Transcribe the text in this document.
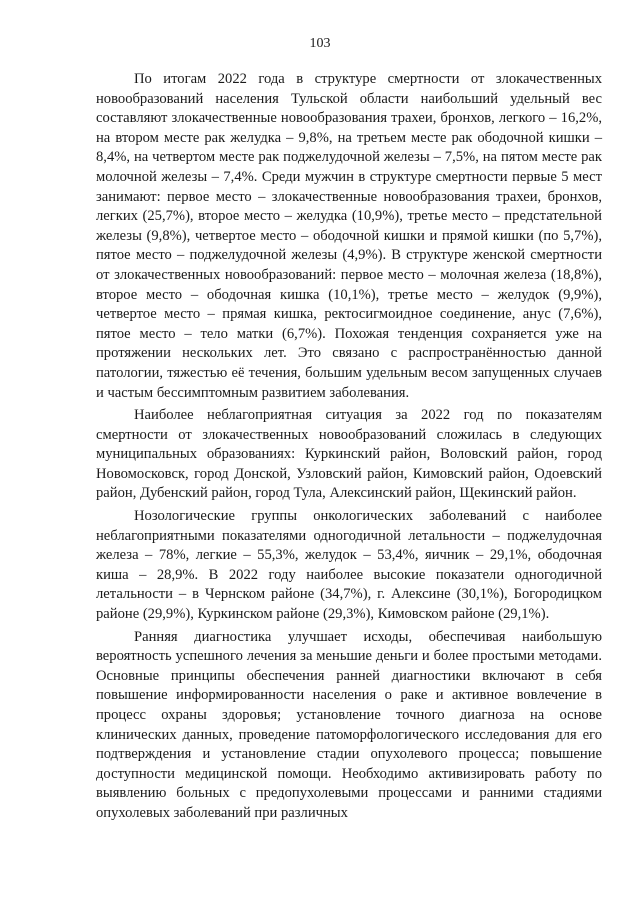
103

По итогам 2022 года в структуре смертности от злокачественных новообразований населения Тульской области наибольший удельный вес составляют злокачественные новообразования трахеи, бронхов, легкого – 16,2%, на втором месте рак желудка – 9,8%, на третьем месте рак ободочной кишки – 8,4%, на четвертом месте рак поджелудочной железы – 7,5%, на пятом месте рак молочной железы – 7,4%. Среди мужчин в структуре смертности первые 5 мест занимают: первое место – злокачественные новообразования трахеи, бронхов, легких (25,7%), второе место – желудка (10,9%), третье место – предстательной железы (9,8%), четвертое место – ободочной кишки и прямой кишки (по 5,7%), пятое место – поджелудочной железы (4,9%). В структуре женской смертности от злокачественных новообразований: первое место – молочная железа (18,8%), второе место – ободочная кишка (10,1%), третье место – желудок (9,9%), четвертое место – прямая кишка, ректосигмоидное соединение, анус (7,6%), пятое место – тело матки (6,7%). Похожая тенденция сохраняется уже на протяжении нескольких лет. Это связано с распространённостью данной патологии, тяжестью её течения, большим удельным весом запущенных случаев и частым бессимптомным развитием заболевания.

Наиболее неблагоприятная ситуация за 2022 год по показателям смертности от злокачественных новообразований сложилась в следующих муниципальных образованиях: Куркинский район, Воловский район, город Новомосковск, город Донской, Узловский район, Кимовский район, Одоевский район, Дубенский район, город Тула, Алексинский район, Щекинский район.

Нозологические группы онкологических заболеваний с наиболее неблагоприятными показателями одногодичной летальности – поджелудочная железа – 78%, легкие – 55,3%, желудок – 53,4%, яичник – 29,1%, ободочная киша – 28,9%. В 2022 году наиболее высокие показатели одногодичной летальности – в Чернском районе (34,7%), г. Алексине (30,1%), Богородицком районе (29,9%), Куркинском районе (29,3%), Кимовском районе (29,1%).

Ранняя диагностика улучшает исходы, обеспечивая наибольшую вероятность успешного лечения за меньшие деньги и более простыми методами. Основные принципы обеспечения ранней диагностики включают в себя повышение информированности населения о раке и активное вовлечение в процесс охраны здоровья; установление точного диагноза на основе клинических данных, проведение патоморфологического исследования для его подтверждения и установление стадии опухолевого процесса; повышение доступности медицинской помощи. Необходимо активизировать работу по выявлению больных с предопухолевыми процессами и ранними стадиями опухолевых заболеваний при различных
